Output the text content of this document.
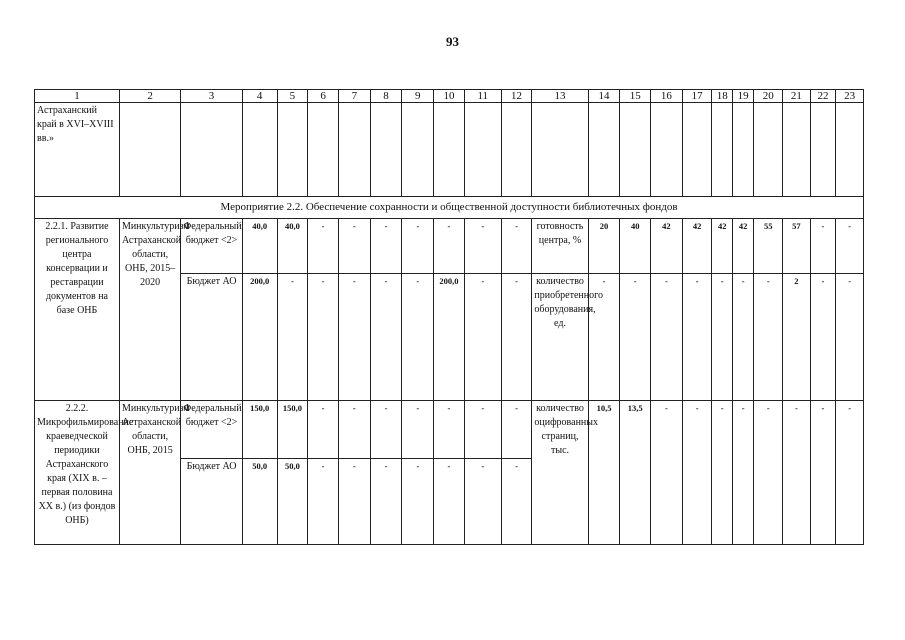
93
1	2	3	4	5	6	7	8	9	10	11	12	13	14	15	16	17	18	19	20	21	22	23
Астраханский край в XVI–XVIII вв.»																						
Мероприятие 2.2. Обеспечение сохранности и общественной доступности библиотечных фондов																						
2.2.1. Развитие регионального центра консервации и реставрации документов на базе ОНБ	Минкультуризм Астраханской области, ОНБ, 2015–2020	Федеральный бюджет <2>	40,0	40,0	-	-	-	-	-	-	-	готовность центра, %	20	40	42	42	42	42	55	57	-	-
		Бюджет АО	200,0	-	-	-	-	-	200,0	-	-	количество приобретенного оборудования, ед.	-	-	-	-	-	-	-	2	-	-
2.2.2. Микрофильмирование краеведческой периодики Астраханского края (XIX в. – первая половина XX в.) (из фондов ОНБ)	Минкультуризм Астраханской области, ОНБ, 2015	Федеральный бюджет <2>	150,0	150,0	-	-	-	-	-	-	-	количество оцифрованных страниц, тыс.	10,5	13,5	-	-	-	-	-	-	-	-
		Бюджет АО	50,0	50,0	-	-	-	-	-	-	-											
